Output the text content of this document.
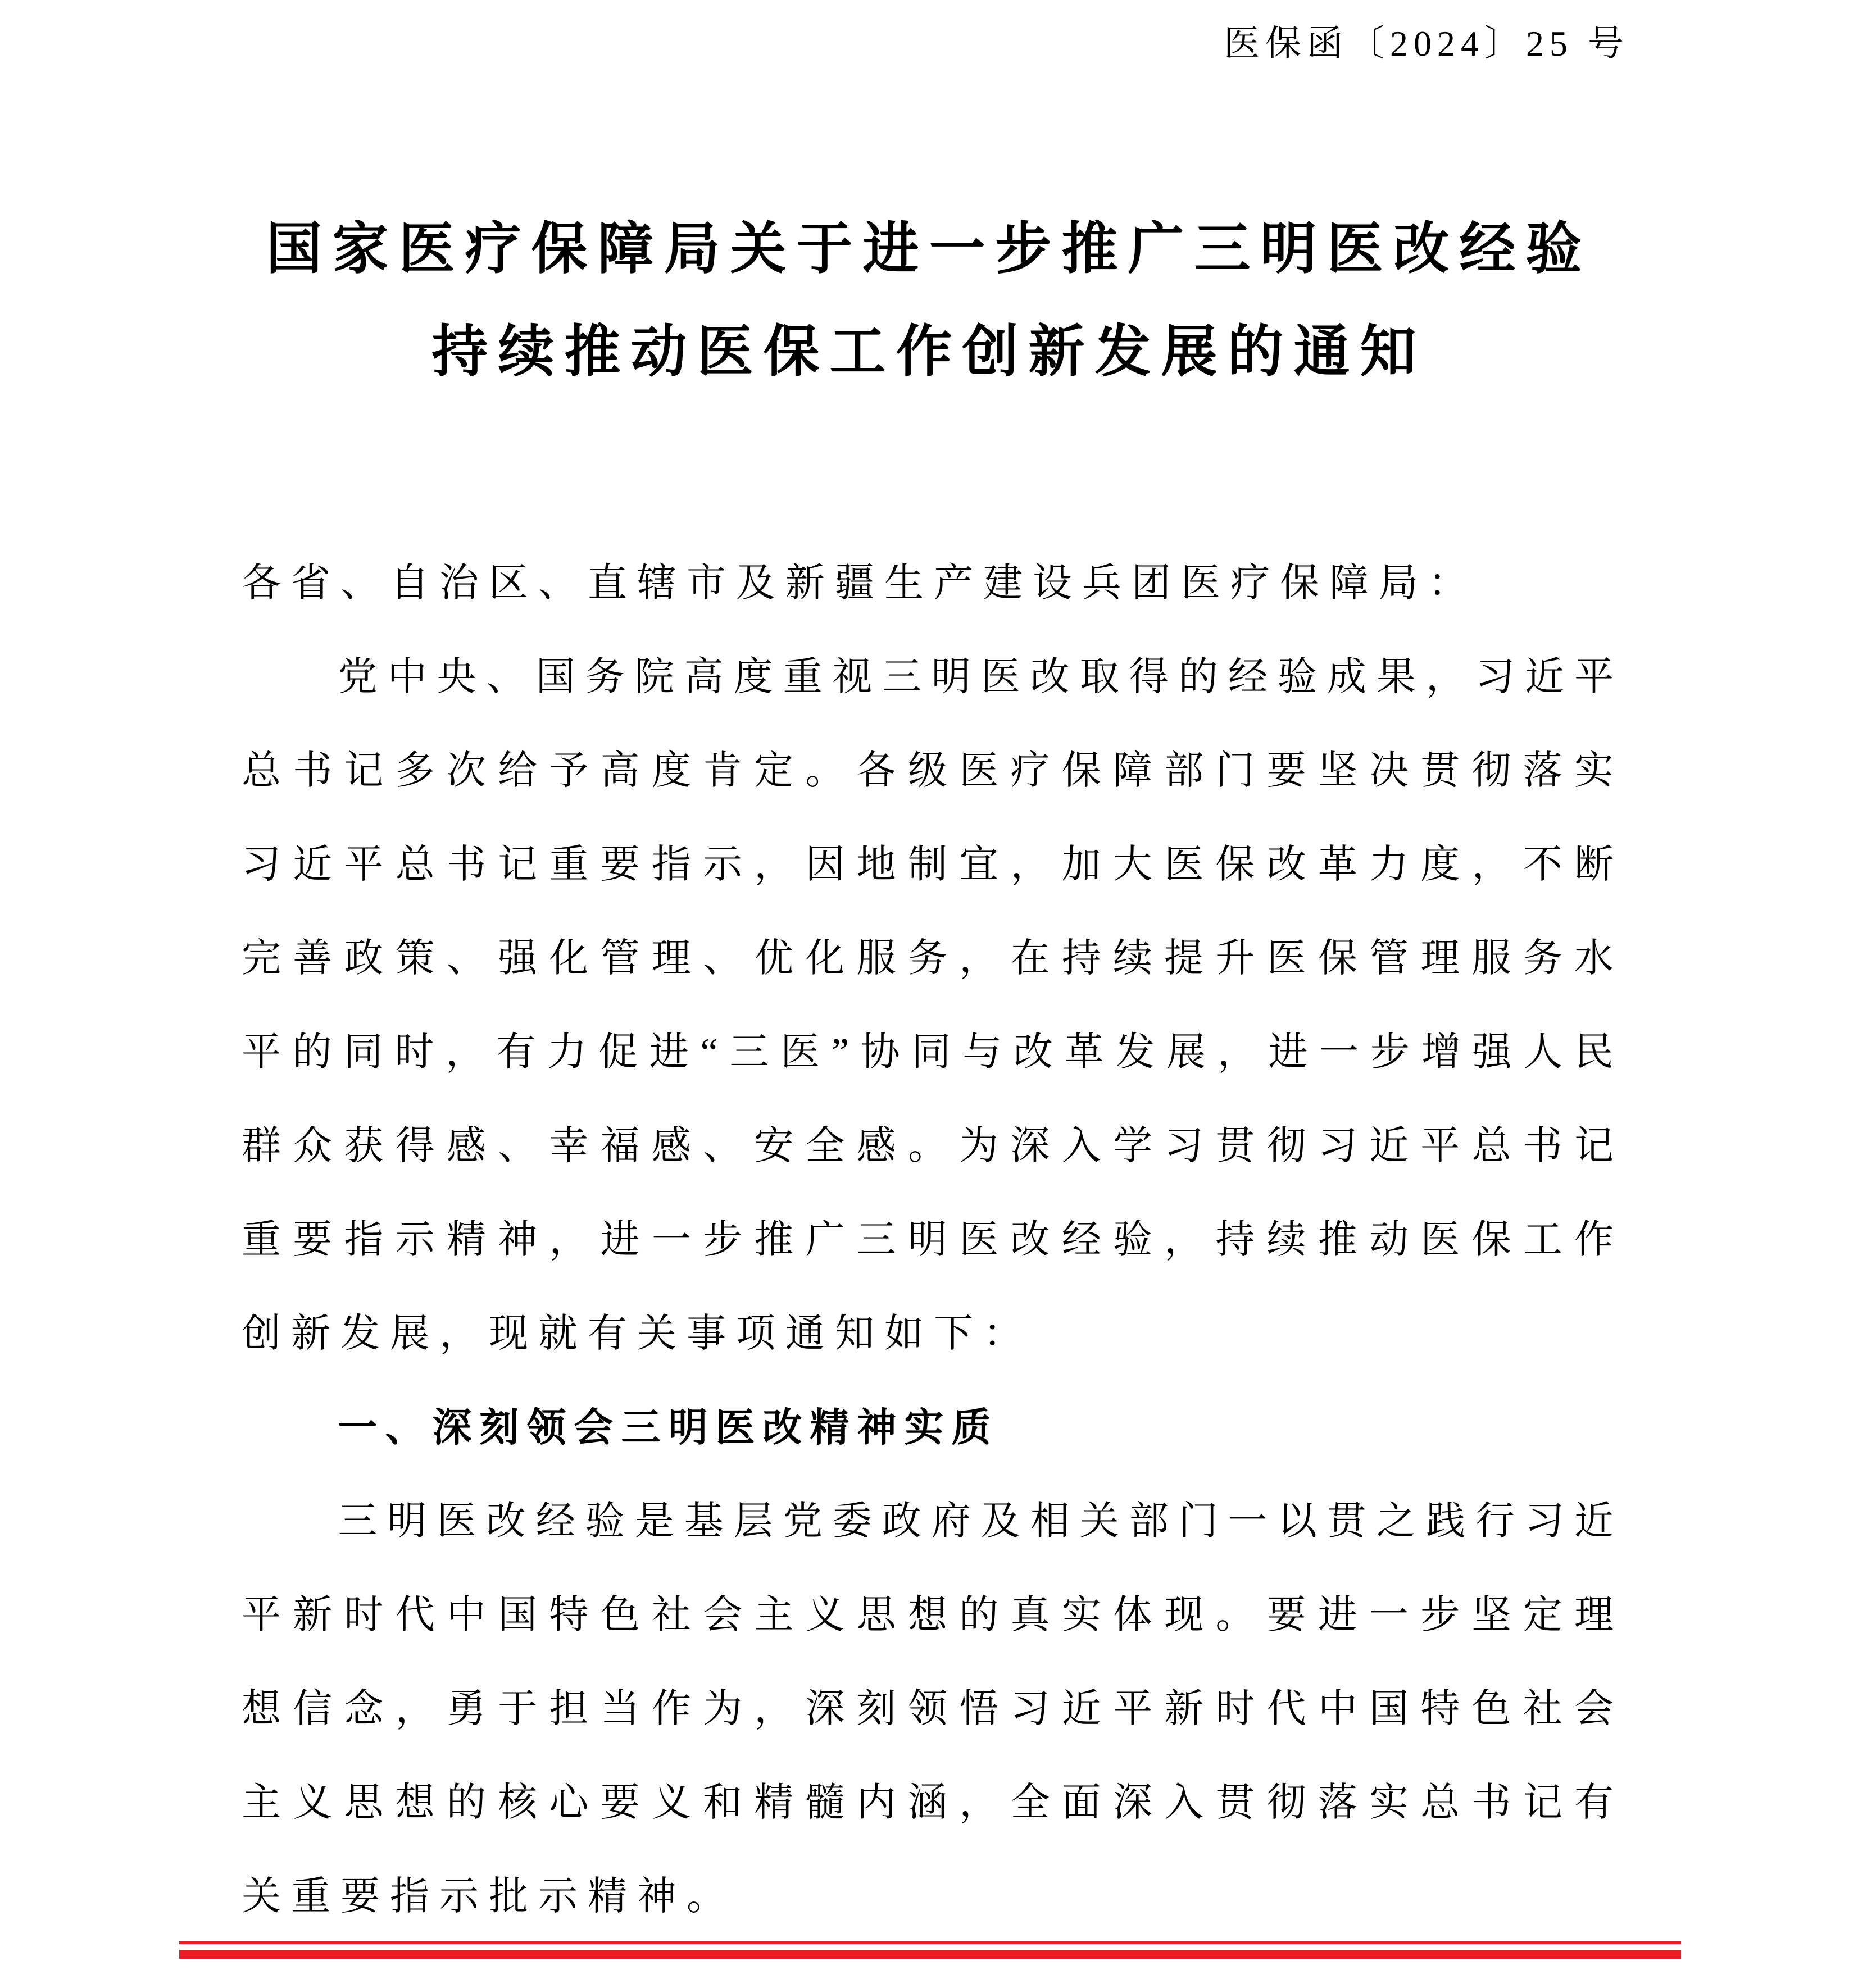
医保函〔2024〕25 号
国家医疗保障局关于进一步推广三明医改经验
持续推动医保工作创新发展的通知

各省、自治区、直辖市及新疆生产建设兵团医疗保障局：

党中央、国务院高度重视三明医改取得的经验成果，习近平总书记多次给予高度肯定。各级医疗保障部门要坚决贯彻落实习近平总书记重要指示，因地制宜，加大医保改革力度，不断完善政策、强化管理、优化服务，在持续提升医保管理服务水平的同时，有力促进“三医”协同与改革发展，进一步增强人民群众获得感、幸福感、安全感。为深入学习贯彻习近平总书记重要指示精神，进一步推广三明医改经验，持续推动医保工作创新发展，现就有关事项通知如下：

一、深刻领会三明医改精神实质

三明医改经验是基层党委政府及相关部门一以贯之践行习近平新时代中国特色社会主义思想的真实体现。要进一步坚定理想信念，勇于担当作为，深刻领悟习近平新时代中国特色社会主义思想的核心要义和精髓内涵，全面深入贯彻落实总书记有关重要指示批示精神。
